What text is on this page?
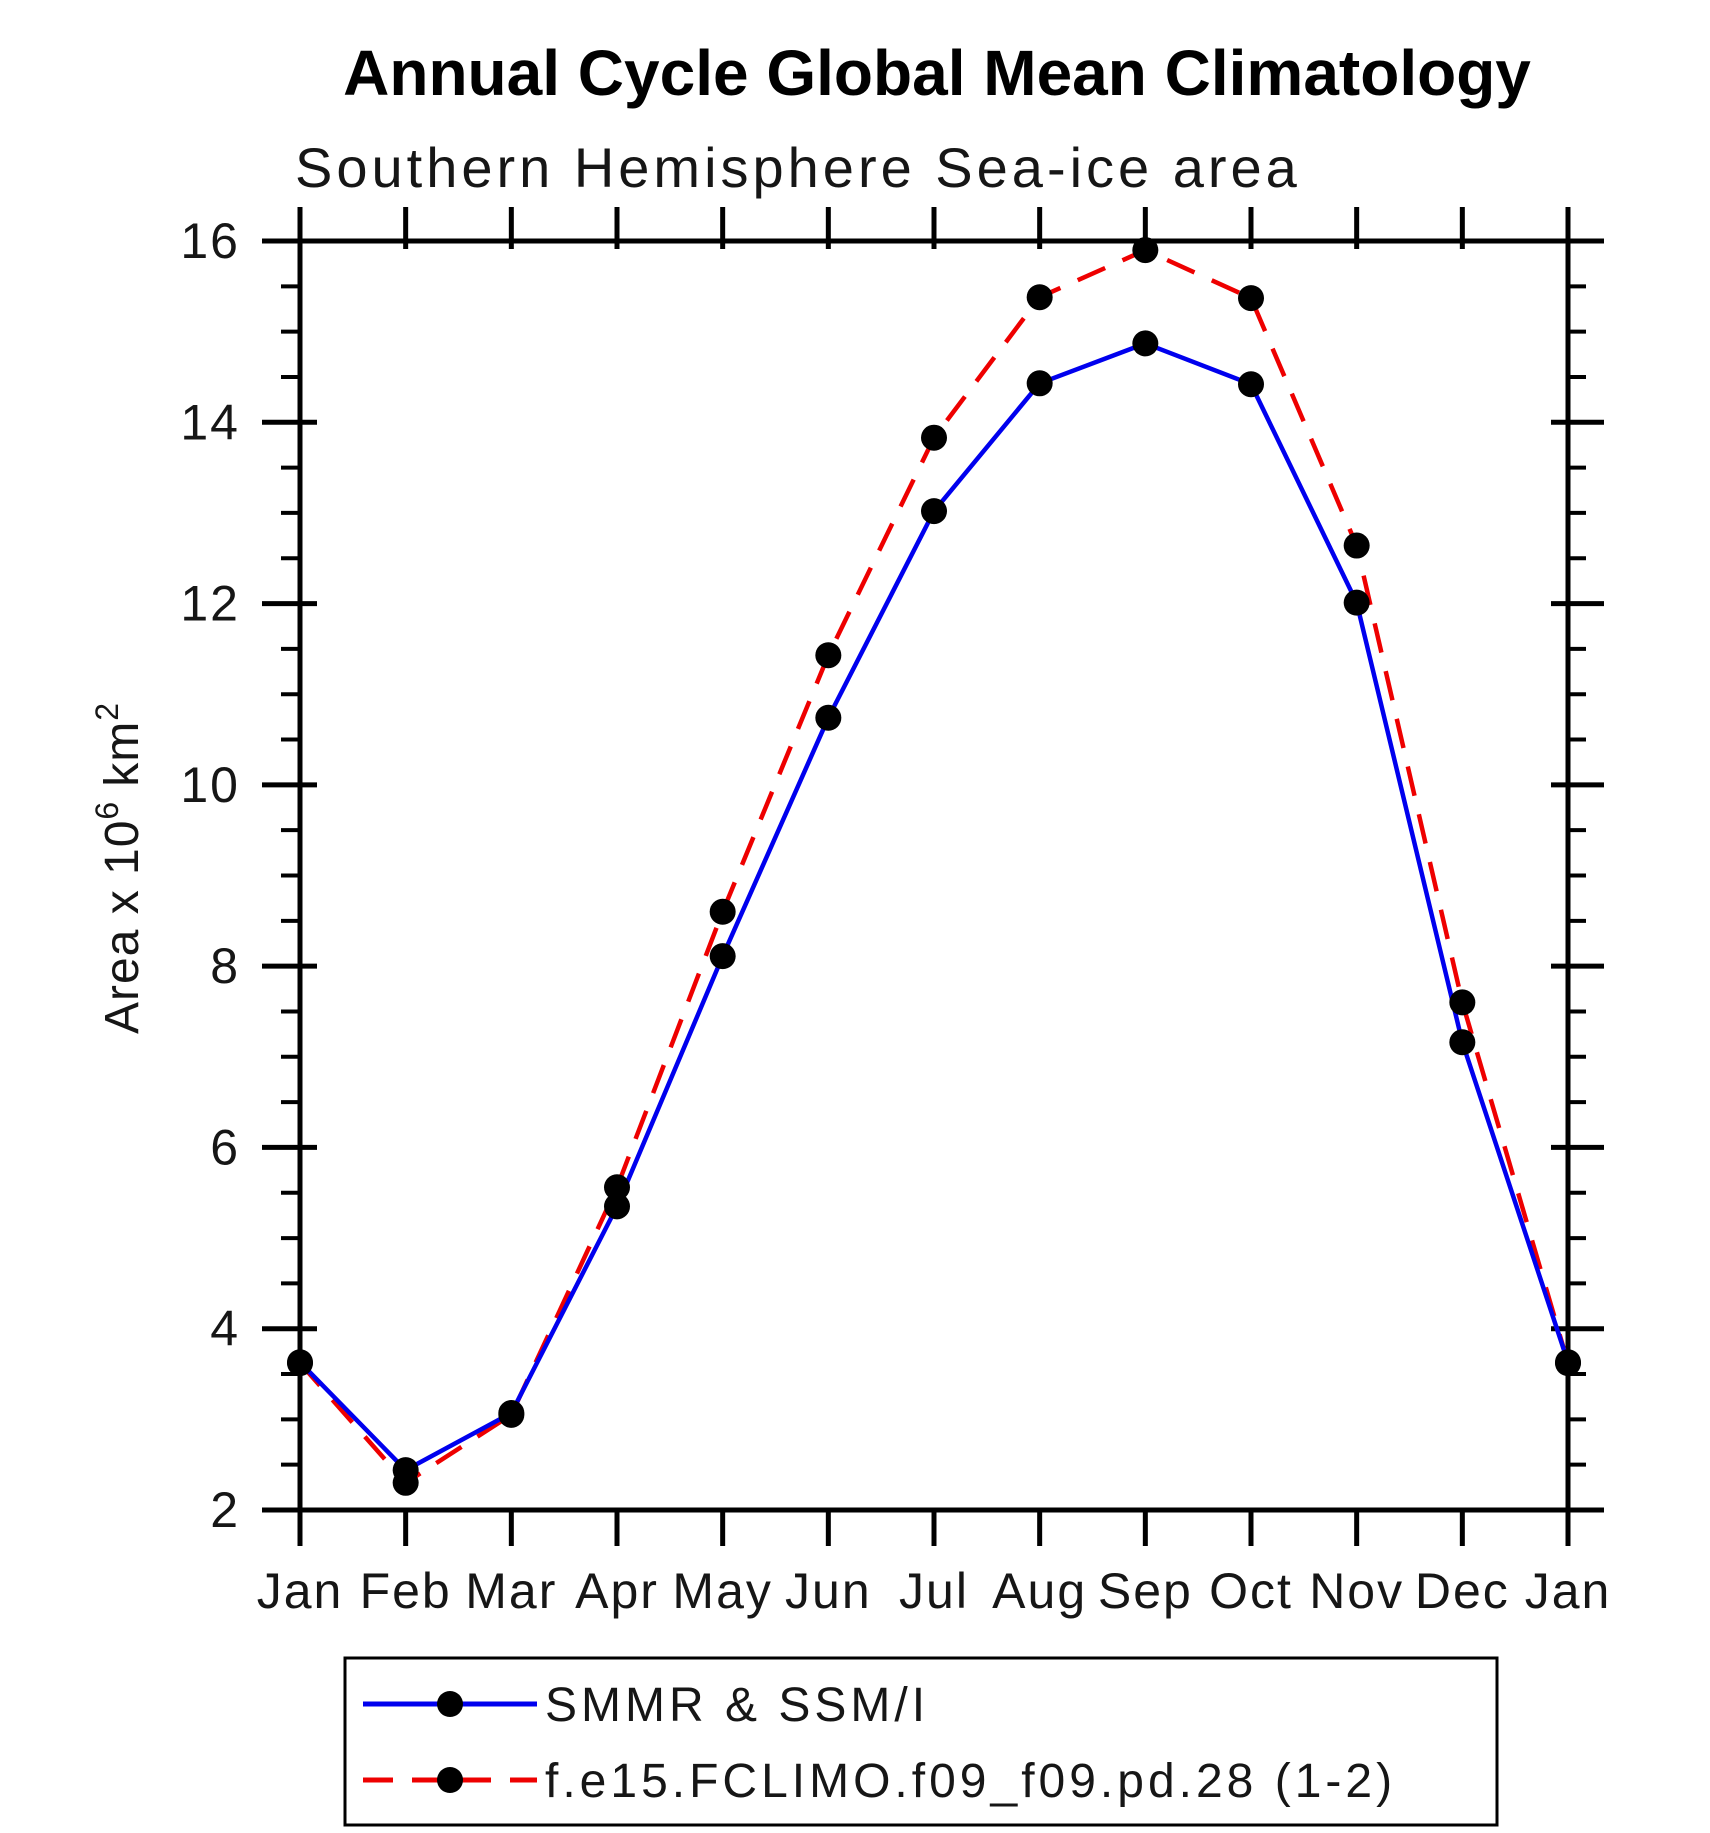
Annual Cycle Global Mean Climatology
Southern Hemisphere Sea-ice area
Area x $10^6km^2$
2
4
6
8
10
12
14
16
Jan Feb Mar Apr May Jun Jul Aug Sep Oct Nov Dec Jan
SMMR & SSM/I
f.e15.FCLIMO.f09_f09.pd.28 (1-2)
